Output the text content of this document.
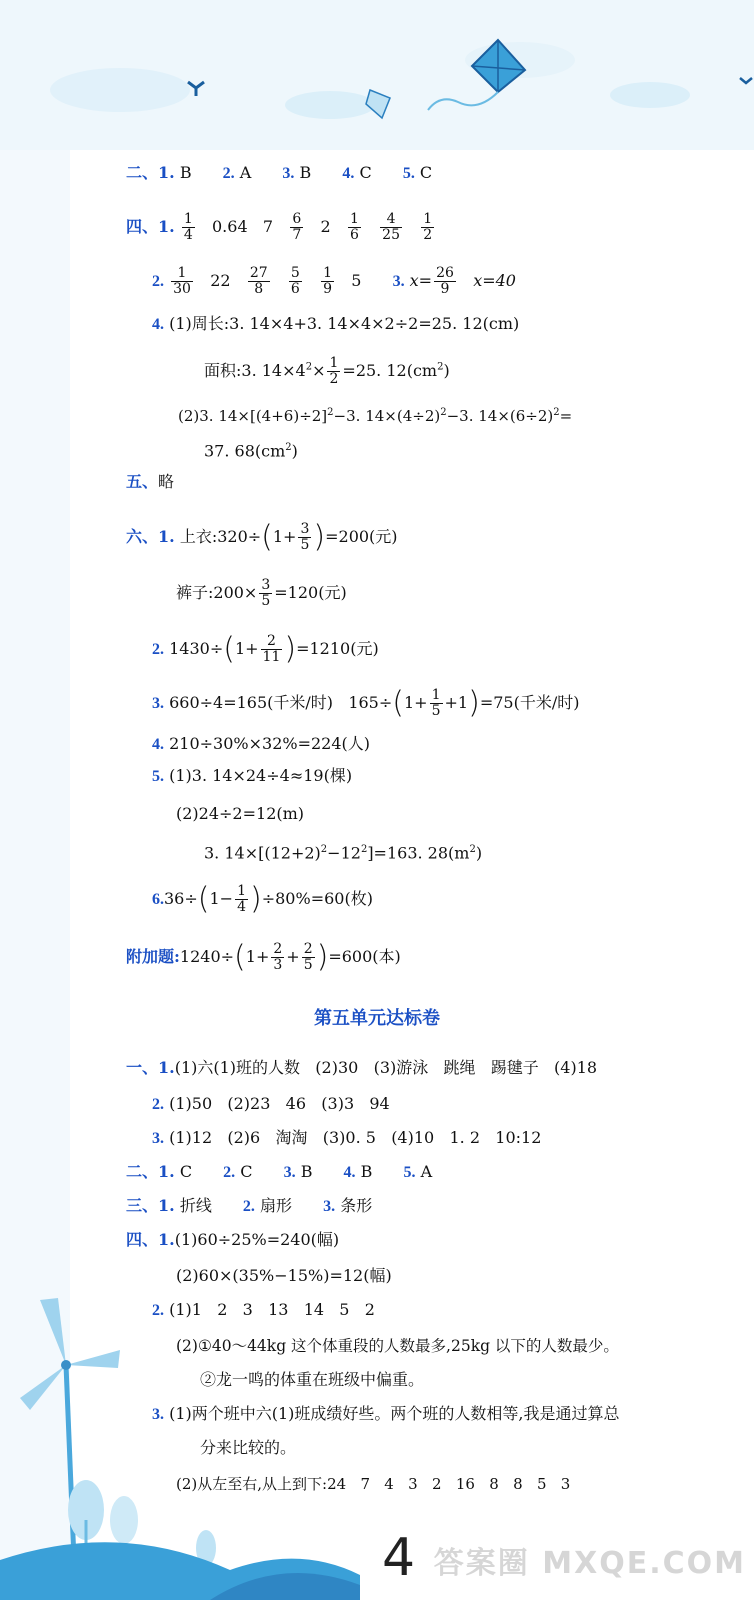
二、1. B 2. A 3. B 4. C 5. C
四、1. $\frac{1}{4} 0.64$ $7 \frac{6}{7} 2 \frac{1}{6}$
$\frac{4}{25}$
$\frac{1}{2}$
2. $\frac{1}{30} 22 \frac{27}{8}$
$\frac{5}{6}$
$\frac{1}{9} 5$ 3. $x= \frac{26}{9} x=40$
4. (1)周长:3. 14×4+3. 14×4×2÷2=25. 12(cm)
面积:3. $14\times 4^2\times \frac{1}{2} =25$. $12(cm^2)$
(2)3. $14\times[(4+6)\div 2]^2-3$. $14\times(4\div 2)^2-3$. $14\times(6\div 2)^2=$
37. $68(cm^2)$
五、略
六、1. 上衣:320÷(1+ $\frac{3}{5} )=200$(元)
裤子:200× $\frac{3}{5} =120$(元)
2. $1430\div(1+ \frac{2}{11} )=1210$(元)
3. 660÷4=165(千米/时) $165\div(1+ \frac{1}{5} +1)=75$(千米/时)
4. 210÷30%×32%=224(人)
5. (1)3. 14×24÷4≈19(棵)
(2)24÷2=12(m)
3. $14\times[(12+2)^2-12^2]=163$. $28(m^2)$
$6.36\div(1- \frac{1}{4} )\div 80\%=60$(枚)
附加题:1240÷(1+ $\frac{2}{3} + \frac{2}{5} )=600$(本)
第五单元达标卷
一、1.(1)六(1)班的人数   (2)30   (3)游泳   跳绳   踢毽子   (4)18
2. (1)50   (2)23   46   (3)3   94
3. (1)12   (2)6   淘淘   (3)0. 5   (4)10   1. 2   10:12
二、1. C 2. C 3. B 4. B 5. A
三、1. 折线 2. 扇形 3. 条形
四、1.(1)60÷25%=240(幅)
(2)60×(35%−15%)=12(幅)
2. (1)1   2   3   13   14   5   2
(2)①40～44kg 这个体重段的人数最多,25kg 以下的人数最少。
②龙一鸣的体重在班级中偏重。
3. (1)两个班中六(1)班成绩好些。两个班的人数相等,我是通过算总
分来比较的。
(2)从左至右,从上到下:24   7   4   3   2   16   8   8   5   3
4 答案圈 MXQE.COM
